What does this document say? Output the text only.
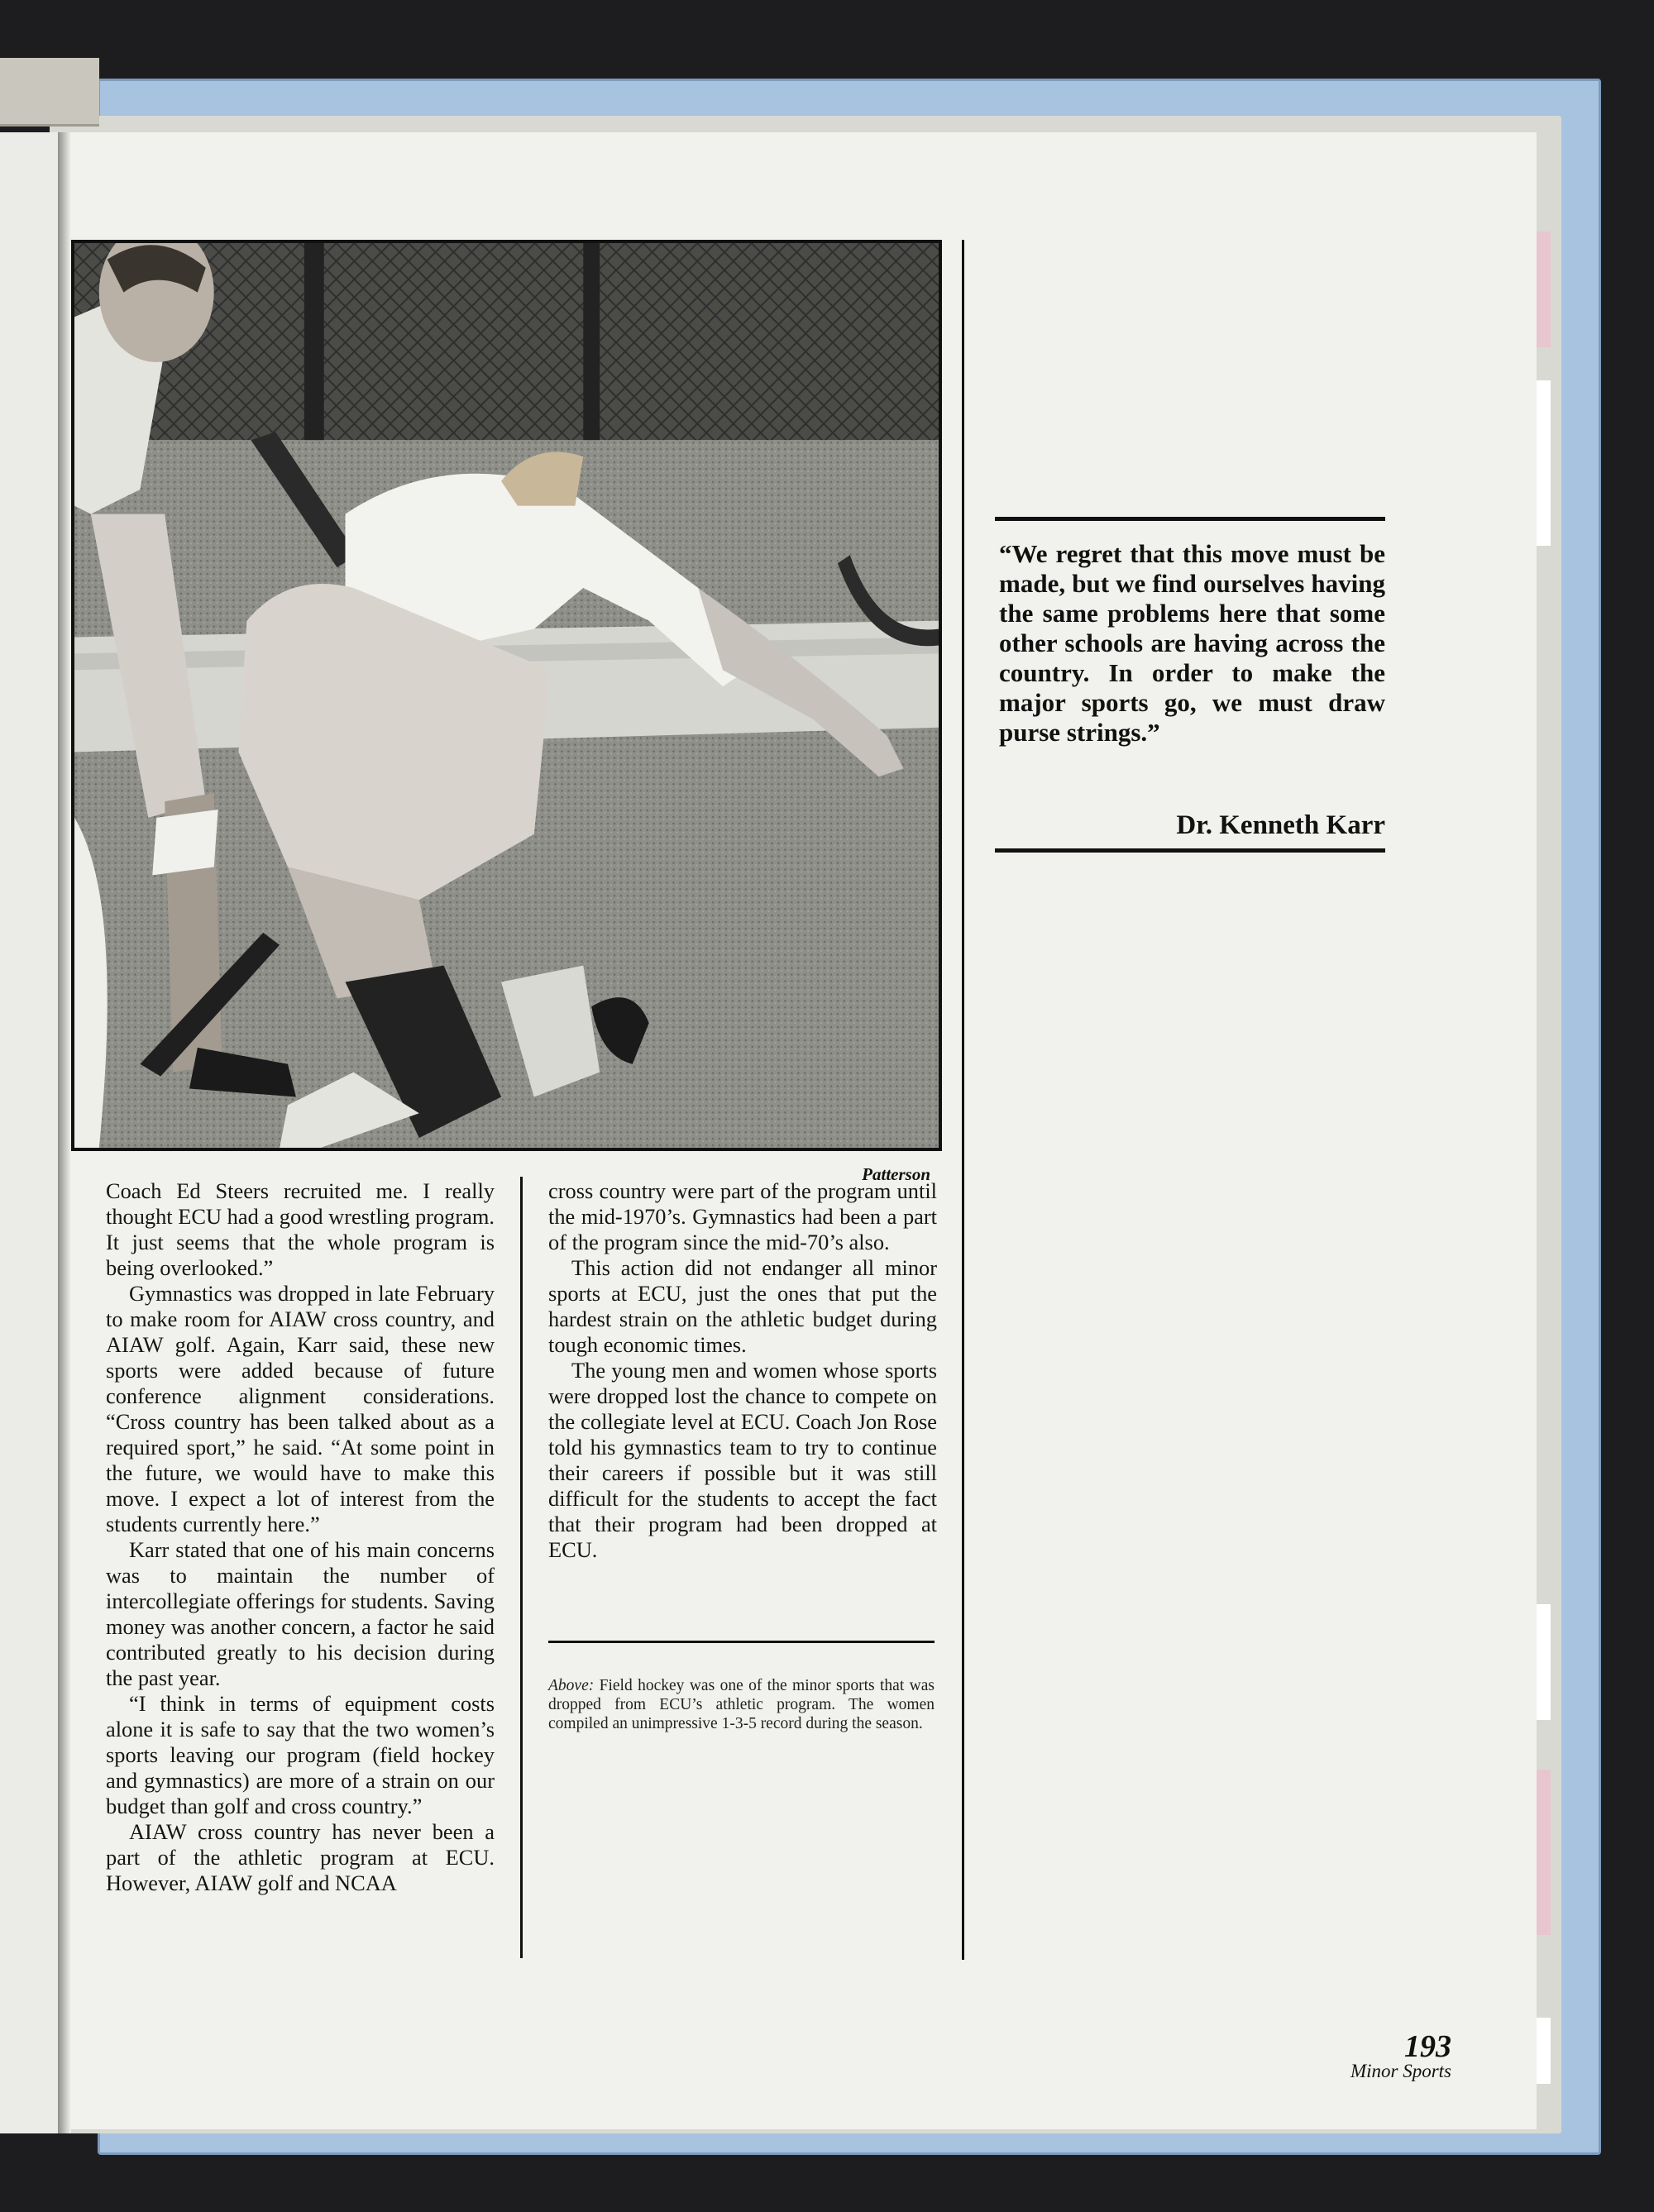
Patterson

Coach Ed Steers recruited me. I really thought ECU had a good wrestling program. It just seems that the whole program is being overlooked.”

Gymnastics was dropped in late February to make room for AIAW cross country, and AIAW golf. Again, Karr said, these new sports were added because of future conference alignment considerations. “Cross country has been talked about as a required sport,” he said. “At some point in the future, we would have to make this move. I expect a lot of interest from the students currently here.”

Karr stated that one of his main concerns was to maintain the number of intercollegiate offerings for students. Saving money was another concern, a factor he said contributed greatly to his decision during the past year.

“I think in terms of equipment costs alone it is safe to say that the two women’s sports leaving our program (field hockey and gymnastics) are more of a strain on our budget than golf and cross country.”

AIAW cross country has never been a part of the athletic program at ECU. However, AIAW golf and NCAA

cross country were part of the program until the mid-1970’s. Gymnastics had been a part of the program since the mid-70’s also.

This action did not endanger all minor sports at ECU, just the ones that put the hardest strain on the athletic budget during tough economic times.

The young men and women whose sports were dropped lost the chance to compete on the collegiate level at ECU. Coach Jon Rose told his gymnastics team to try to continue their careers if possible but it was still difficult for the students to accept the fact that their program had been dropped at ECU.

Above: Field hockey was one of the minor sports that was dropped from ECU’s athletic program. The women compiled an unimpressive 1-3-5 record during the season.
“We regret that this move must be made, but we find ourselves having the same problems here that some other schools are having across the country. In order to make the major sports go, we must draw purse strings.”
Dr. Kenneth Karr
193
Minor Sports
